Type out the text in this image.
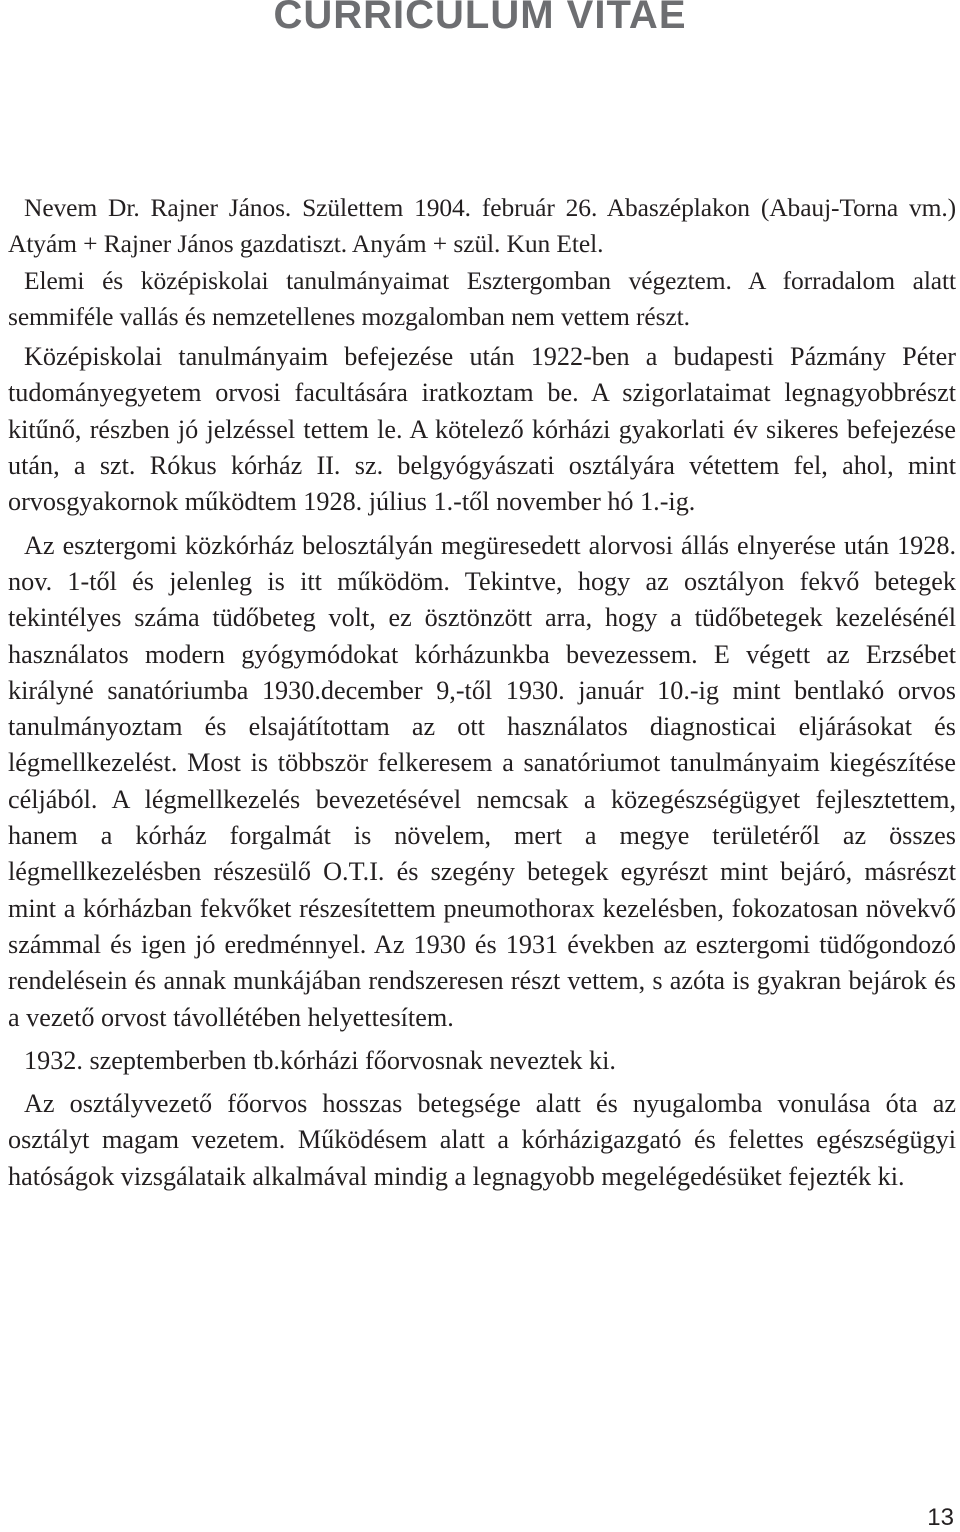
CURRICULUM VITAE

Nevem Dr. Rajner János. Születtem 1904. február 26. Abaszéplakon (Abauj-Torna vm.) Atyám + Rajner János gazdatiszt. Anyám + szül. Kun Etel.

Elemi és középiskolai tanulmányaimat Esztergomban végeztem. A forradalom alatt semmiféle vallás és nemzetellenes mozgalomban nem vettem részt.

Középiskolai tanulmányaim befejezése után 1922-ben a budapesti Pázmány Péter tudományegyetem orvosi facultására iratkoztam be. A szigorlataimat legnagyobbrészt kitűnő, részben jó jelzéssel tettem le. A kötelező kórházi gyakorlati év sikeres befejezése után, a szt. Rókus kórház II. sz. belgyógyászati osztályára vétettem fel, ahol, mint orvosgyakornok működtem 1928. július 1.-től november hó 1.-ig.

Az esztergomi közkórház belosztályán megüresedett alorvosi állás elnyerése után 1928. nov. 1-től és jelenleg is itt működöm. Tekintve, hogy az osztályon fekvő betegek tekintélyes száma tüdőbeteg volt, ez ösztönzött arra, hogy a tüdőbetegek kezelésénél használatos modern gyógymódokat kórházunkba bevezessem. E végett az Erzsébet királyné sanatóriumba 1930.december 9,-től 1930. január 10.-ig mint bentlakó orvos tanulmányoztam és elsajátítottam az ott használatos diagnosticai eljárásokat és légmellkezelést. Most is többször felkeresem a sanatóriumot tanulmányaim kiegészítése céljából. A légmellkezelés bevezetésével nemcsak a közegészségügyet fejlesztettem, hanem a kórház forgalmát is növelem, mert a megye területéről az összes légmellkezelésben részesülő O.T.I. és szegény betegek egyrészt mint bejáró, másrészt mint a kórházban fekvőket részesítettem pneumothorax kezelésben, fokozatosan növekvő számmal és igen jó eredménnyel. Az 1930 és 1931 években az esztergomi tüdőgondozó rendelésein és annak munkájában rendszeresen részt vettem, s azóta is gyakran bejárok és a vezető orvost távollétében helyettesítem.

1932. szeptemberben tb.kórházi főorvosnak neveztek ki.

Az osztályvezető főorvos hosszas betegsége alatt és nyugalomba vonulása óta az osztályt magam vezetem. Működésem alatt a kórházigazgató és felettes egészségügyi hatóságok vizsgálataik alkalmával mindig a legnagyobb megelégedésüket fejezték ki.

13
